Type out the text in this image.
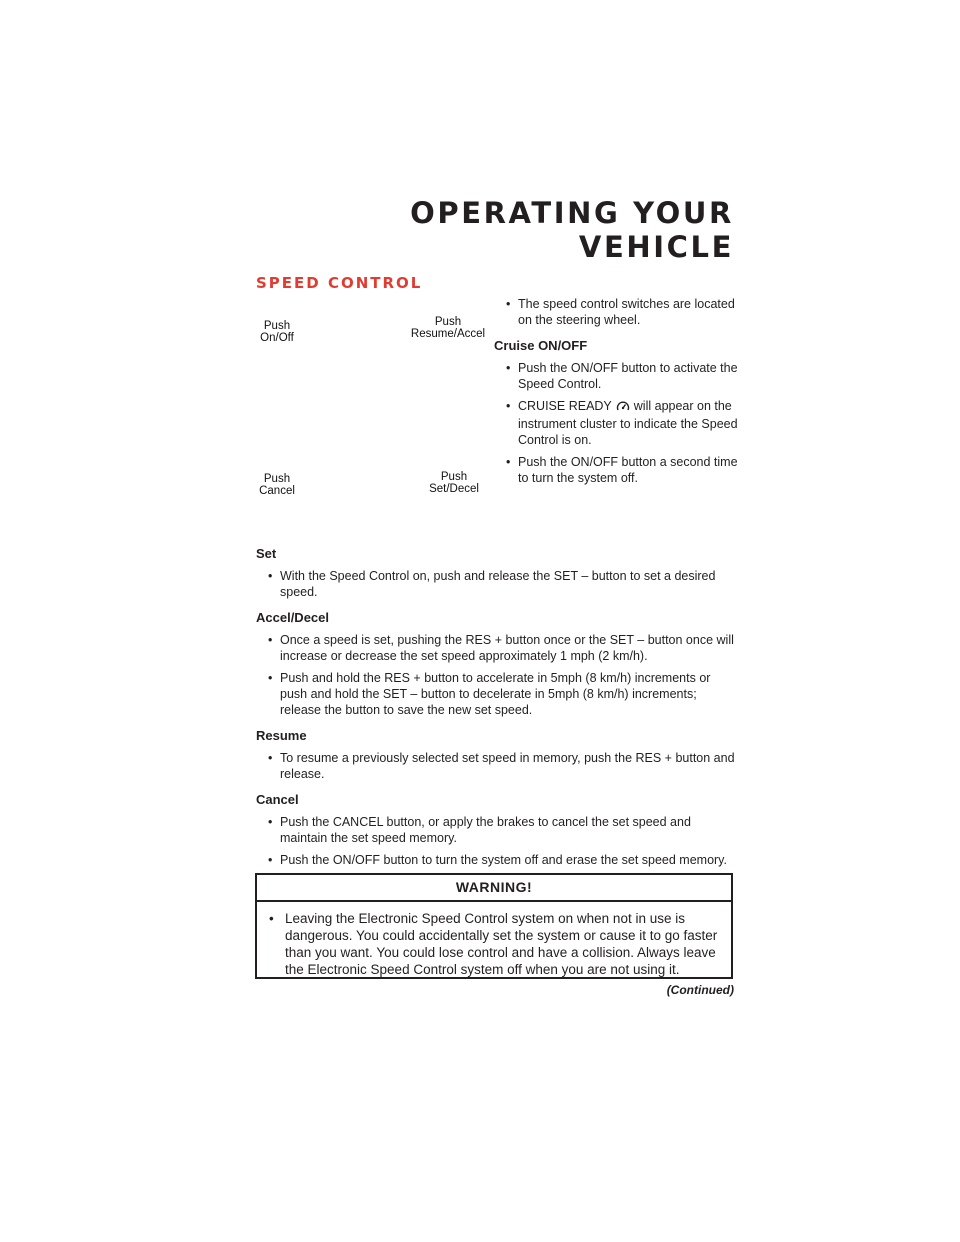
OPERATING YOUR VEHICLE
SPEED CONTROL
Push
On/Off
Push
Resume/Accel
Push
Cancel
Push
Set/Decel
• The speed control switches are located on the steering wheel.
Cruise ON/OFF
• Push the ON/OFF button to activate the Speed Control.
• CRUISE READY will appear on the instrument cluster to indicate the Speed Control is on.
• Push the ON/OFF button a second time to turn the system off.
Set
• With the Speed Control on, push and release the SET – button to set a desired speed.
Accel/Decel
• Once a speed is set, pushing the RES + button once or the SET – button once will increase or decrease the set speed approximately 1 mph (2 km/h).
• Push and hold the RES + button to accelerate in 5mph (8 km/h) increments or push and hold the SET – button to decelerate in 5mph (8 km/h) increments; release the button to save the new set speed.
Resume
• To resume a previously selected set speed in memory, push the RES + button and release.
Cancel
• Push the CANCEL button, or apply the brakes to cancel the set speed and maintain the set speed memory.
• Push the ON/OFF button to turn the system off and erase the set speed memory.
WARNING!
• Leaving the Electronic Speed Control system on when not in use is dangerous. You could accidentally set the system or cause it to go faster than you want. You could lose control and have a collision. Always leave the Electronic Speed Control system off when you are not using it.
(Continued)
